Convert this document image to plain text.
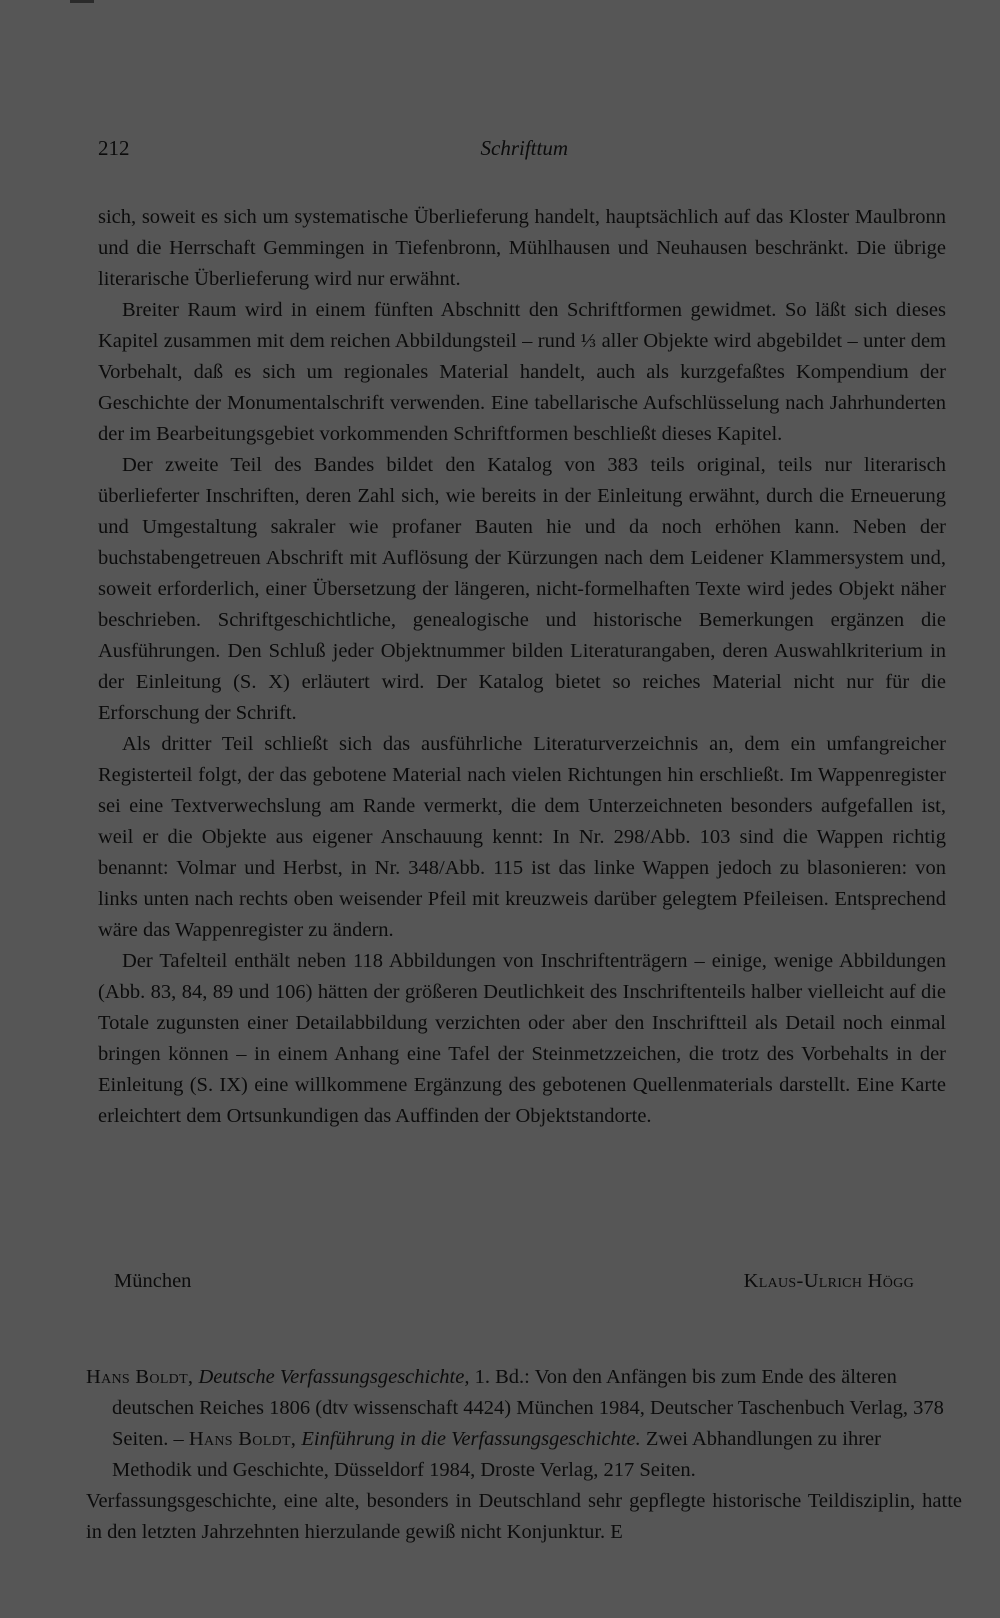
212	Schrifttum

sich, soweit es sich um systematische Überlieferung handelt, hauptsächlich auf das Kloster Maulbronn und die Herrschaft Gemmingen in Tiefenbronn, Mühlhausen und Neuhausen beschränkt. Die übrige literarische Überlieferung wird nur erwähnt.

Breiter Raum wird in einem fünften Abschnitt den Schriftformen gewidmet. So läßt sich dieses Kapitel zusammen mit dem reichen Abbildungsteil – rund ⅓ aller Objekte wird abgebildet – unter dem Vorbehalt, daß es sich um regionales Material handelt, auch als kurzgefaßtes Kompendium der Geschichte der Monumentalschrift verwenden. Eine tabellarische Aufschlüsselung nach Jahrhunderten der im Bearbeitungsgebiet vorkommenden Schriftformen beschließt dieses Kapitel.

Der zweite Teil des Bandes bildet den Katalog von 383 teils original, teils nur literarisch überlieferter Inschriften, deren Zahl sich, wie bereits in der Einleitung erwähnt, durch die Erneuerung und Umgestaltung sakraler wie profaner Bauten hie und da noch erhöhen kann. Neben der buchstabengetreuen Abschrift mit Auflösung der Kürzungen nach dem Leidener Klammersystem und, soweit erforderlich, einer Übersetzung der längeren, nicht-formelhaften Texte wird jedes Objekt näher beschrieben. Schriftgeschichtliche, genealogische und historische Bemerkungen ergänzen die Ausführungen. Den Schluß jeder Objektnummer bilden Literaturangaben, deren Auswahlkriterium in der Einleitung (S. X) erläutert wird. Der Katalog bietet so reiches Material nicht nur für die Erforschung der Schrift.

Als dritter Teil schließt sich das ausführliche Literaturverzeichnis an, dem ein umfangreicher Registerteil folgt, der das gebotene Material nach vielen Richtungen hin erschließt. Im Wappenregister sei eine Textverwechslung am Rande vermerkt, die dem Unterzeichneten besonders aufgefallen ist, weil er die Objekte aus eigener Anschauung kennt: In Nr. 298/Abb. 103 sind die Wappen richtig benannt: Volmar und Herbst, in Nr. 348/Abb. 115 ist das linke Wappen jedoch zu blasonieren: von links unten nach rechts oben weisender Pfeil mit kreuzweis darüber gelegtem Pfeileisen. Entsprechend wäre das Wappenregister zu ändern.

Der Tafelteil enthält neben 118 Abbildungen von Inschriftenträgern – einige, wenige Abbildungen (Abb. 83, 84, 89 und 106) hätten der größeren Deutlichkeit des Inschriftenteils halber vielleicht auf die Totale zugunsten einer Detailabbildung verzichten oder aber den Inschriftteil als Detail noch einmal bringen können – in einem Anhang eine Tafel der Steinmetzzeichen, die trotz des Vorbehalts in der Einleitung (S. IX) eine willkommene Ergänzung des gebotenen Quellenmaterials darstellt. Eine Karte erleichtert dem Ortsunkundigen das Auffinden der Objektstandorte.

München	Klaus-Ulrich Högg

Hans Boldt, Deutsche Verfassungsgeschichte, 1. Bd.: Von den Anfängen bis zum Ende des älteren deutschen Reiches 1806 (dtv wissenschaft 4424) München 1984, Deutscher Taschenbuch Verlag, 378 Seiten. – Hans Boldt, Einführung in die Verfassungsgeschichte. Zwei Abhandlungen zu ihrer Methodik und Geschichte, Düsseldorf 1984, Droste Verlag, 217 Seiten.

Verfassungsgeschichte, eine alte, besonders in Deutschland sehr gepflegte historische Teildisziplin, hatte in den letzten Jahrzehnten hierzulande gewiß nicht Konjunktur. E
